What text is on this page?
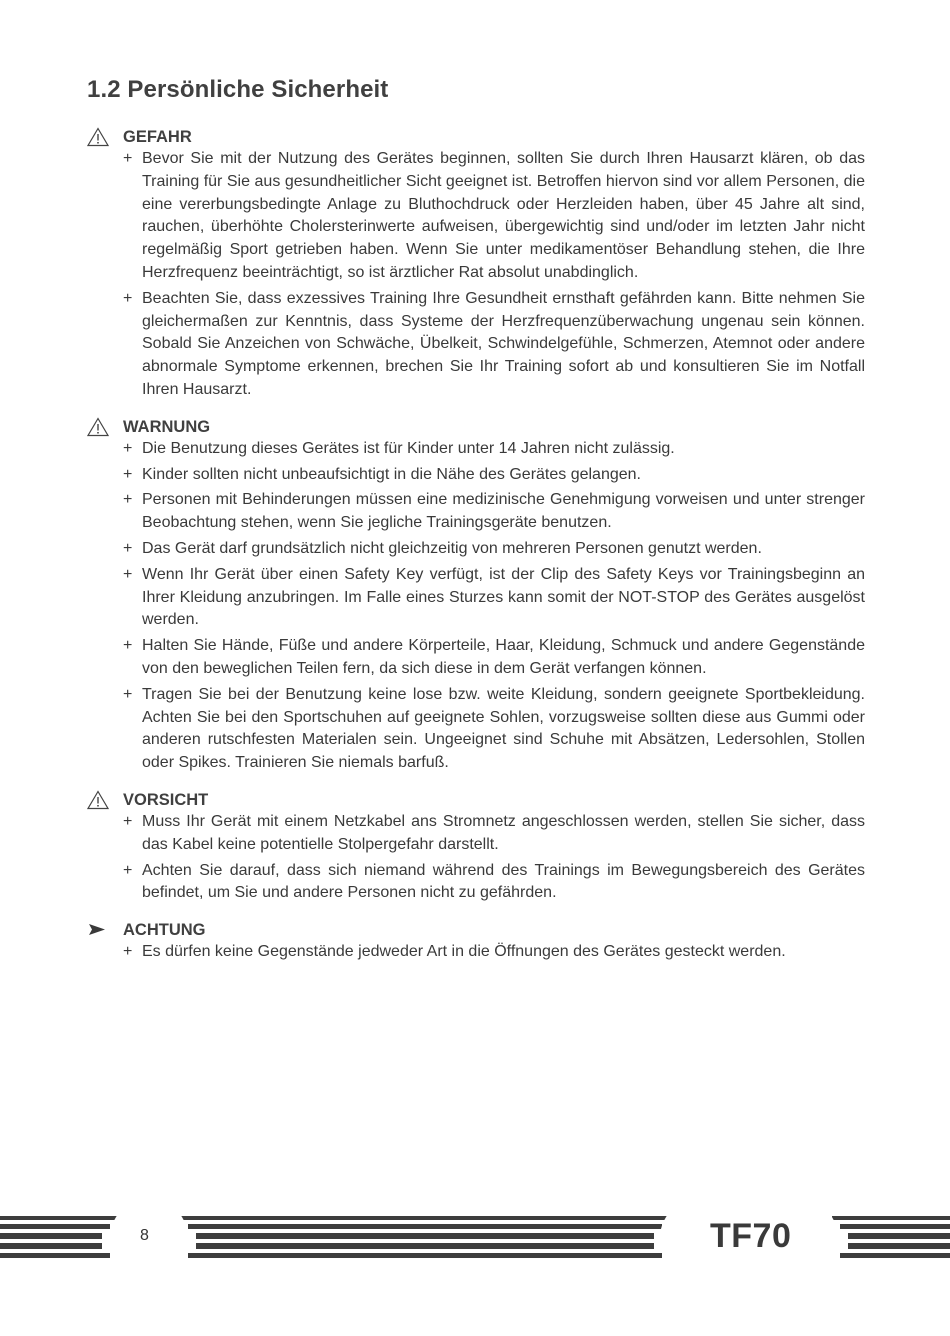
1.2 Persönliche Sicherheit
GEFAHR
+ Bevor Sie mit der Nutzung des Gerätes beginnen, sollten Sie durch Ihren Hausarzt klären, ob das Training für Sie aus gesundheitlicher Sicht geeignet ist. Betroffen hiervon sind vor allem Personen, die eine vererbungsbedingte Anlage zu Bluthochdruck oder Herzleiden haben, über 45 Jahre alt sind, rauchen, überhöhte Cholersterinwerte aufweisen, übergewichtig sind und/oder im letzten Jahr nicht regelmäßig Sport getrieben haben. Wenn Sie unter medikamentöser Behandlung stehen, die Ihre Herzfrequenz beeinträchtigt, so ist ärztlicher Rat absolut unabdinglich.
+ Beachten Sie, dass exzessives Training Ihre Gesundheit ernsthaft gefährden kann. Bitte nehmen Sie gleichermaßen zur Kenntnis, dass Systeme der Herzfrequenzüberwachung ungenau sein können. Sobald Sie Anzeichen von Schwäche, Übelkeit, Schwindelgefühle, Schmerzen, Atemnot oder andere abnormale Symptome erkennen, brechen Sie Ihr Training sofort ab und konsultieren Sie im Notfall Ihren Hausarzt.
WARNUNG
+ Die Benutzung dieses Gerätes ist für Kinder unter 14 Jahren nicht zulässig.
+ Kinder sollten nicht unbeaufsichtigt in die Nähe des Gerätes gelangen.
+ Personen mit Behinderungen müssen eine medizinische Genehmigung vorweisen und unter strenger Beobachtung stehen, wenn Sie jegliche Trainingsgeräte benutzen.
+ Das Gerät darf grundsätzlich nicht gleichzeitig von mehreren Personen genutzt werden.
+ Wenn Ihr Gerät über einen Safety Key verfügt, ist der Clip des Safety Keys vor Trainingsbeginn an Ihrer Kleidung anzubringen. Im Falle eines Sturzes kann somit der NOT-STOP des Gerätes ausgelöst werden.
+ Halten Sie Hände, Füße und andere Körperteile, Haar, Kleidung, Schmuck und andere Gegenstände von den beweglichen Teilen fern, da sich diese in dem Gerät verfangen können.
+ Tragen Sie bei der Benutzung keine lose bzw. weite Kleidung, sondern geeignete Sportbekleidung. Achten Sie bei den Sportschuhen auf geeignete Sohlen, vorzugsweise sollten diese aus Gummi oder anderen rutschfesten Materialen sein. Ungeeignet sind Schuhe mit Absätzen, Ledersohlen, Stollen oder Spikes. Trainieren Sie niemals barfuß.
VORSICHT
+ Muss Ihr Gerät mit einem Netzkabel ans Stromnetz angeschlossen werden, stellen Sie sicher, dass das Kabel keine potentielle Stolpergefahr darstellt.
+ Achten Sie darauf, dass sich niemand während des Trainings im Bewegungsbereich des Gerätes befindet, um Sie und andere Personen nicht zu gefährden.
ACHTUNG
+ Es dürfen keine Gegenstände jedweder Art in die Öffnungen des Gerätes gesteckt werden.
8	TF70
